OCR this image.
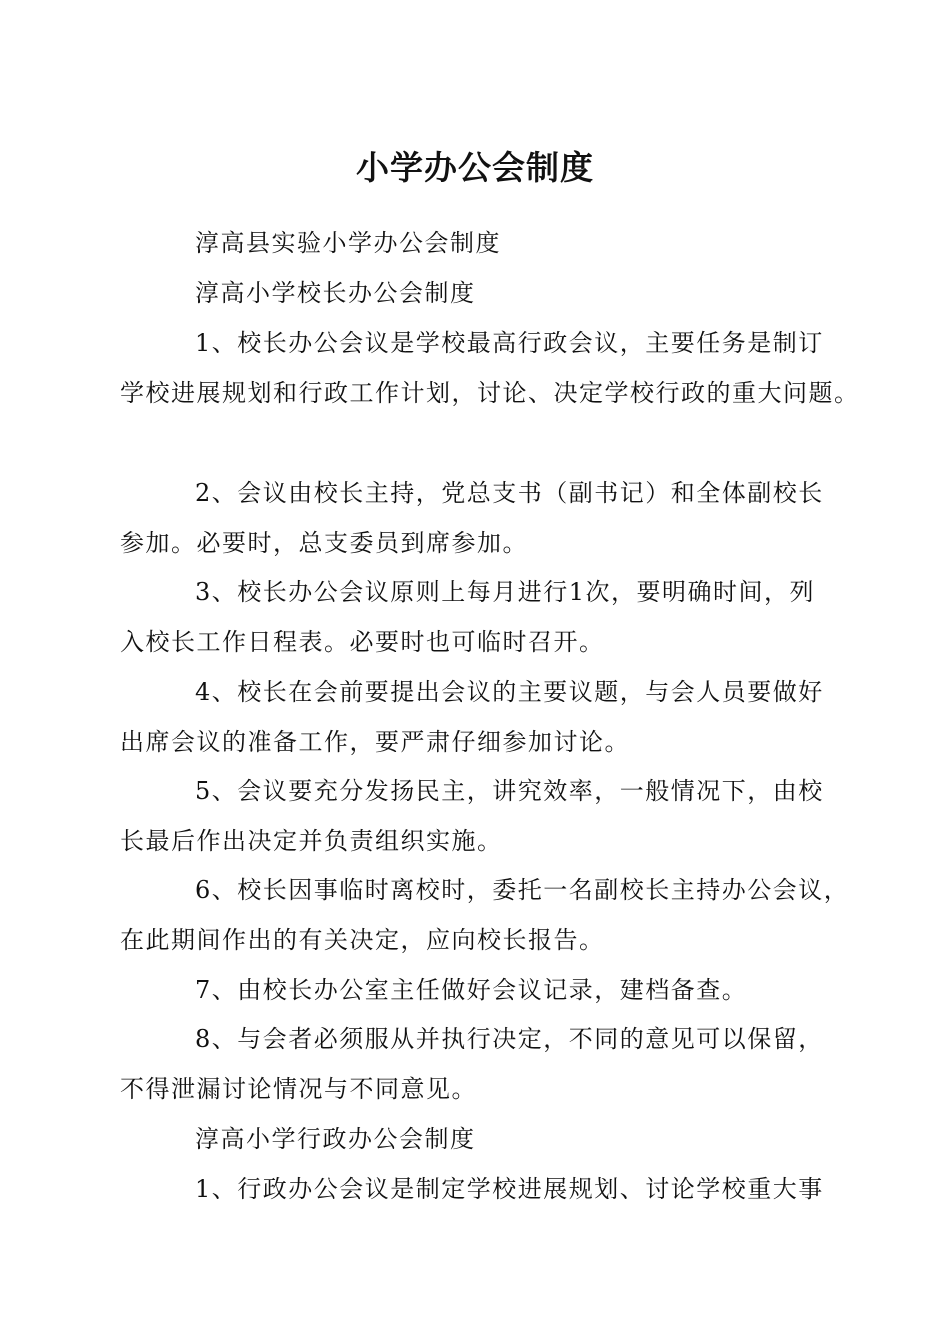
小学办公会制度

淳高县实验小学办公会制度

淳高小学校长办公会制度

1、校长办公会议是学校最高行政会议，主要任务是制订

学校进展规划和行政工作计划，讨论、决定学校行政的重大问题。

2、会议由校长主持，党总支书（副书记）和全体副校长

参加。必要时，总支委员到席参加。

3、校长办公会议原则上每月进行1次，要明确时间，列

入校长工作日程表。必要时也可临时召开。

4、校长在会前要提出会议的主要议题，与会人员要做好

出席会议的准备工作，要严肃仔细参加讨论。

5、会议要充分发扬民主，讲究效率，一般情况下，由校

长最后作出决定并负责组织实施。

6、校长因事临时离校时，委托一名副校长主持办公会议，

在此期间作出的有关决定，应向校长报告。

7、由校长办公室主任做好会议记录，建档备查。

8、与会者必须服从并执行决定，不同的意见可以保留，

不得泄漏讨论情况与不同意见。

淳高小学行政办公会制度

1、行政办公会议是制定学校进展规划、讨论学校重大事
